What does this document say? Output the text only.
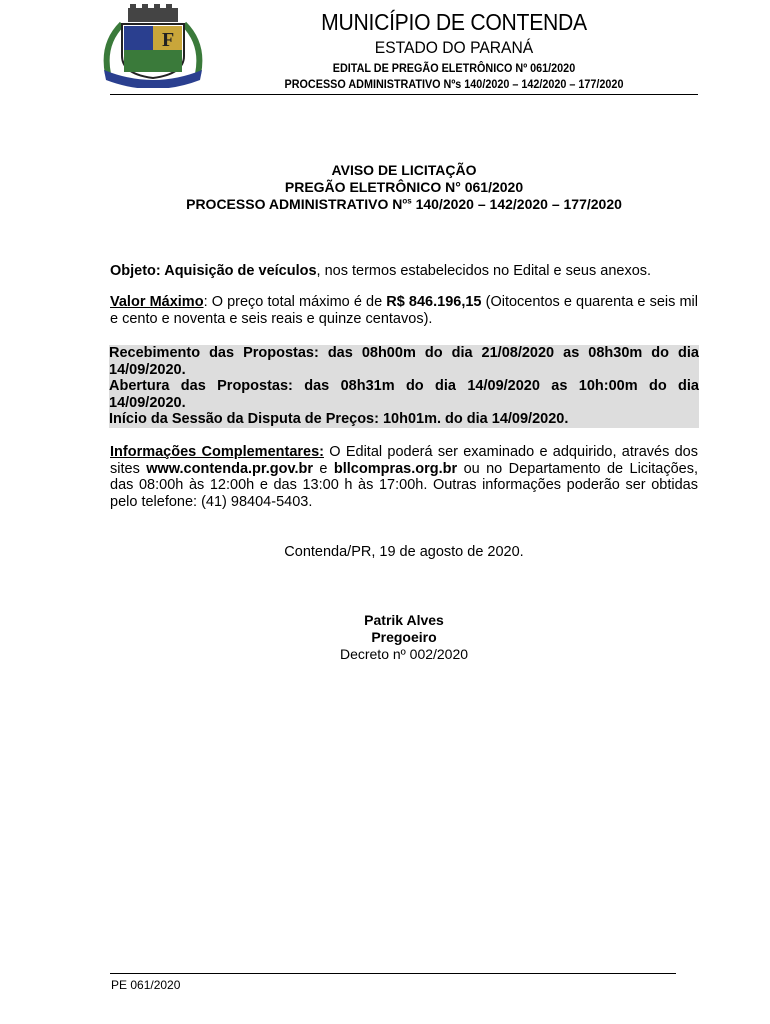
F
MUNICÍPIO DE CONTENDA
ESTADO DO PARANÁ
EDITAL DE PREGÃO ELETRÔNICO Nº 061/2020
PROCESSO ADMINISTRATIVO Nºs 140/2020 – 142/2020 – 177/2020
AVISO DE LICITAÇÃO
PREGÃO ELETRÔNICO N° 061/2020
PROCESSO ADMINISTRATIVO $N^{os}$ 140/2020 – 142/2020 – 177/2020
Objeto: Aquisição de veículos, nos termos estabelecidos no Edital e seus anexos.
Valor Máximo: O preço total máximo é de R$ 846.196,15 (Oitocentos e quarenta e seis mil e cento e noventa e seis reais e quinze centavos).
Recebimento das Propostas: das 08h00m do dia 21/08/2020 as 08h30m do dia
14/09/2020.
Abertura das Propostas: das 08h31m do dia 14/09/2020 as 10h:00m do dia
14/09/2020.
Início da Sessão da Disputa de Preços: 10h01m. do dia 14/09/2020.
Informações Complementares: O Edital poderá ser examinado e adquirido, através dos sites www.contenda.pr.gov.br e bllcompras.org.br ou no Departamento de Licitações, das 08:00h às 12:00h e das 13:00 h às 17:00h. Outras informações poderão ser obtidas pelo telefone: (41) 98404-5403.
Contenda/PR, 19 de agosto de 2020.
Patrik Alves
Pregoeiro
Decreto nº 002/2020
PE 061/2020
